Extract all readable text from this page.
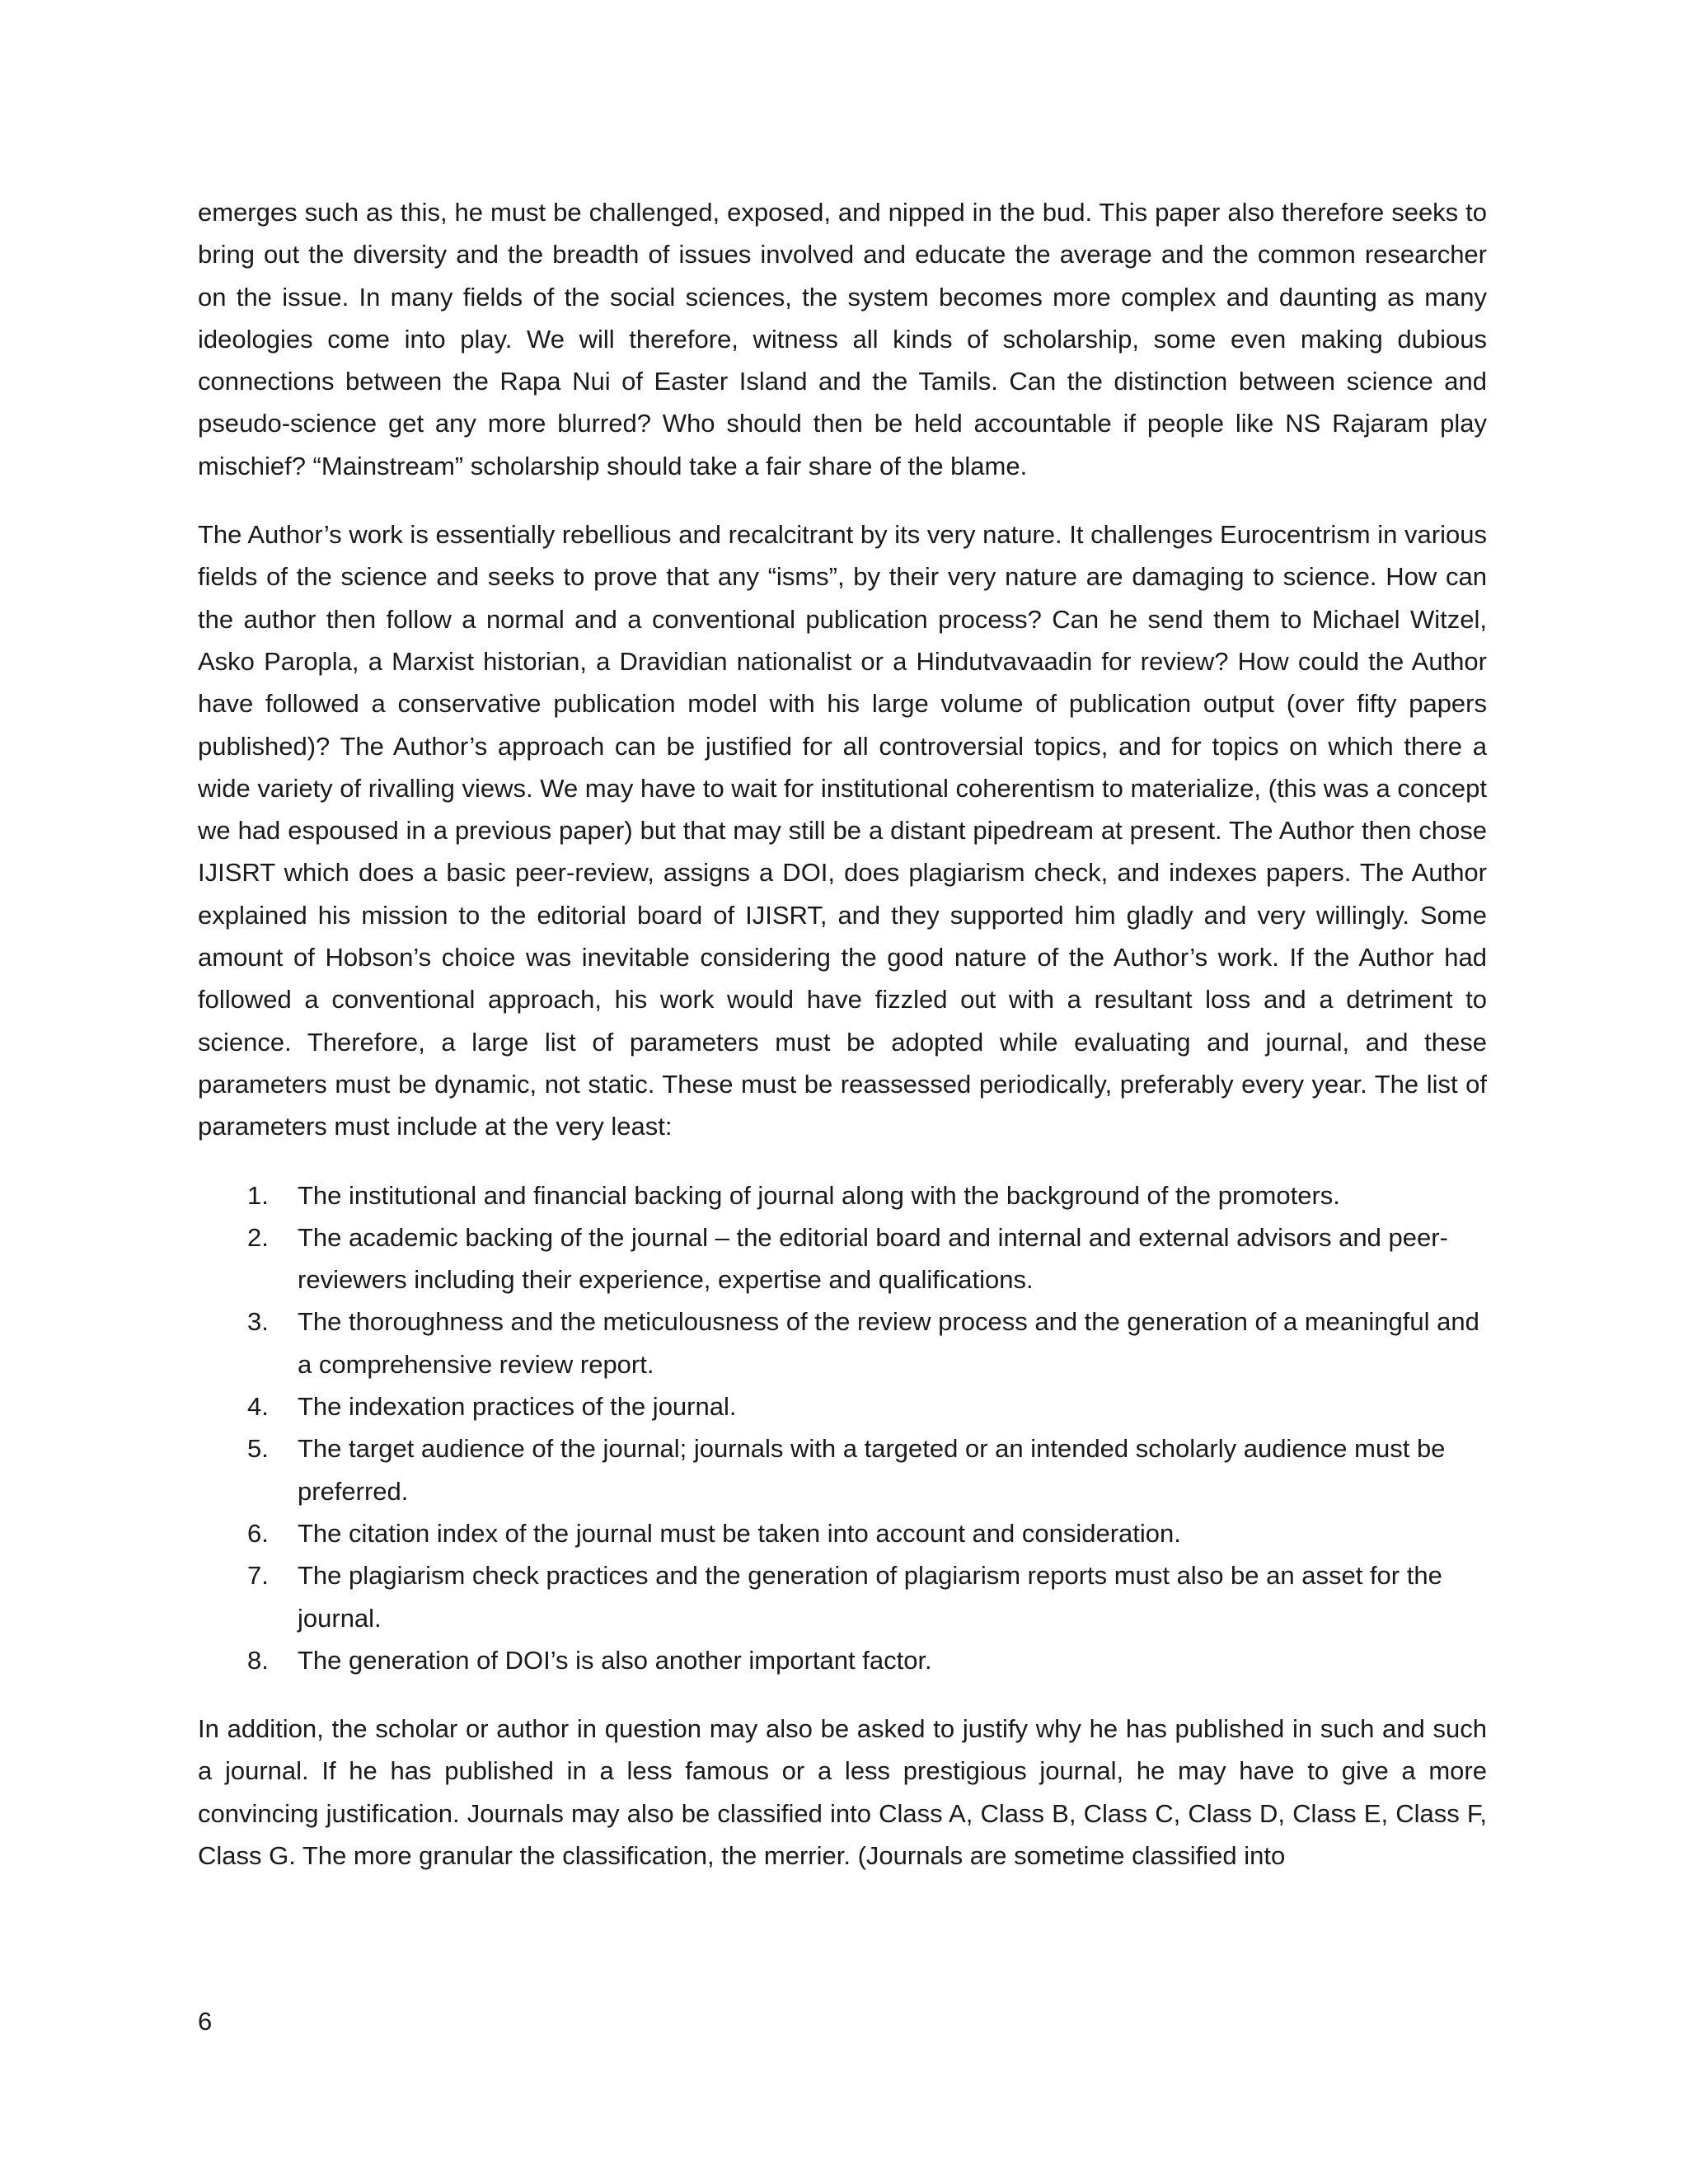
emerges such as this, he must be challenged, exposed, and nipped in the bud. This paper also therefore seeks to bring out the diversity and the breadth of issues involved and educate the average and the common researcher on the issue. In many fields of the social sciences, the system becomes more complex and daunting as many ideologies come into play. We will therefore, witness all kinds of scholarship, some even making dubious connections between the Rapa Nui of Easter Island and the Tamils. Can the distinction between science and pseudo-science get any more blurred? Who should then be held accountable if people like NS Rajaram play mischief? “Mainstream” scholarship should take a fair share of the blame.

The Author’s work is essentially rebellious and recalcitrant by its very nature. It challenges Eurocentrism in various fields of the science and seeks to prove that any “isms”, by their very nature are damaging to science. How can the author then follow a normal and a conventional publication process? Can he send them to Michael Witzel, Asko Paropla, a Marxist historian, a Dravidian nationalist or a Hindutvavaadin for review? How could the Author have followed a conservative publication model with his large volume of publication output (over fifty papers published)? The Author’s approach can be justified for all controversial topics, and for topics on which there a wide variety of rivalling views. We may have to wait for institutional coherentism to materialize, (this was a concept we had espoused in a previous paper) but that may still be a distant pipedream at present. The Author then chose IJISRT which does a basic peer-review, assigns a DOI, does plagiarism check, and indexes papers. The Author explained his mission to the editorial board of IJISRT, and they supported him gladly and very willingly. Some amount of Hobson’s choice was inevitable considering the good nature of the Author’s work. If the Author had followed a conventional approach, his work would have fizzled out with a resultant loss and a detriment to science. Therefore, a large list of parameters must be adopted while evaluating and journal, and these parameters must be dynamic, not static. These must be reassessed periodically, preferably every year. The list of parameters must include at the very least:

1. The institutional and financial backing of journal along with the background of the promoters.
2. The academic backing of the journal – the editorial board and internal and external advisors and peer-reviewers including their experience, expertise and qualifications.
3. The thoroughness and the meticulousness of the review process and the generation of a meaningful and a comprehensive review report.
4. The indexation practices of the journal.
5. The target audience of the journal; journals with a targeted or an intended scholarly audience must be preferred.
6. The citation index of the journal must be taken into account and consideration.
7. The plagiarism check practices and the generation of plagiarism reports must also be an asset for the journal.
8. The generation of DOI’s is also another important factor.

In addition, the scholar or author in question may also be asked to justify why he has published in such and such a journal. If he has published in a less famous or a less prestigious journal, he may have to give a more convincing justification. Journals may also be classified into Class A, Class B, Class C, Class D, Class E, Class F, Class G. The more granular the classification, the merrier. (Journals are sometime classified into

6
